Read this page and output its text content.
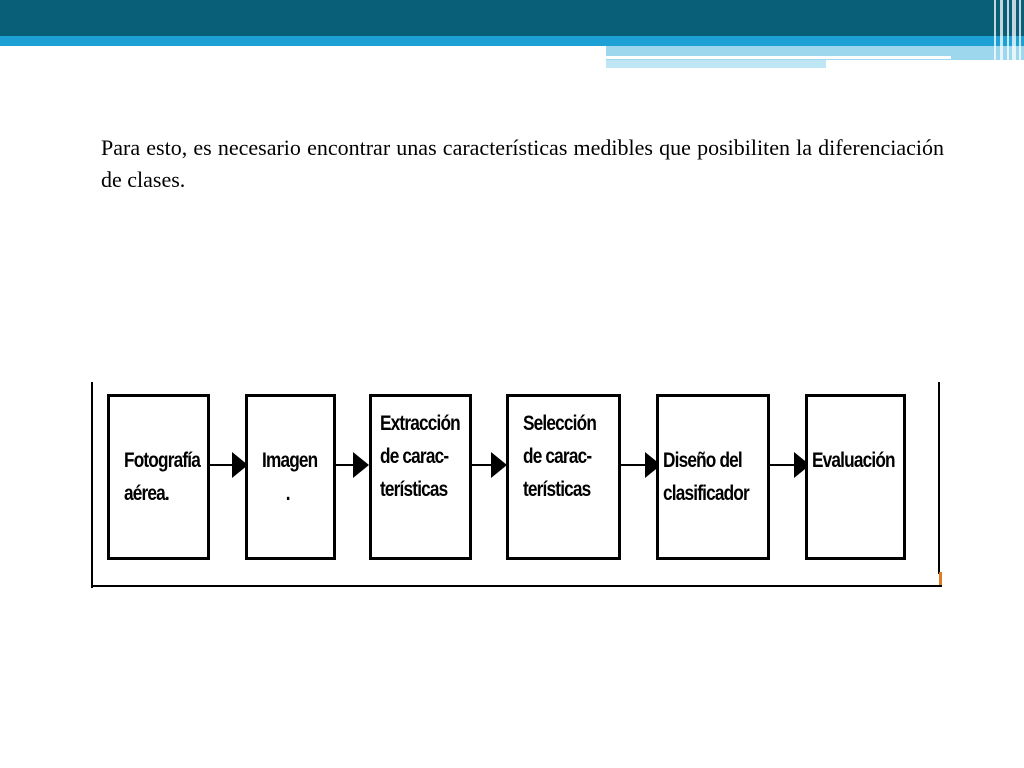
Para esto, es necesario encontrar unas características medibles que posibiliten la diferenciación de clases.

Fotografía
aérea.
Imagen
.
Extracción
de carac-
terísticas
Selección
de carac-
terísticas
Diseño del
clasificador
Evaluación
